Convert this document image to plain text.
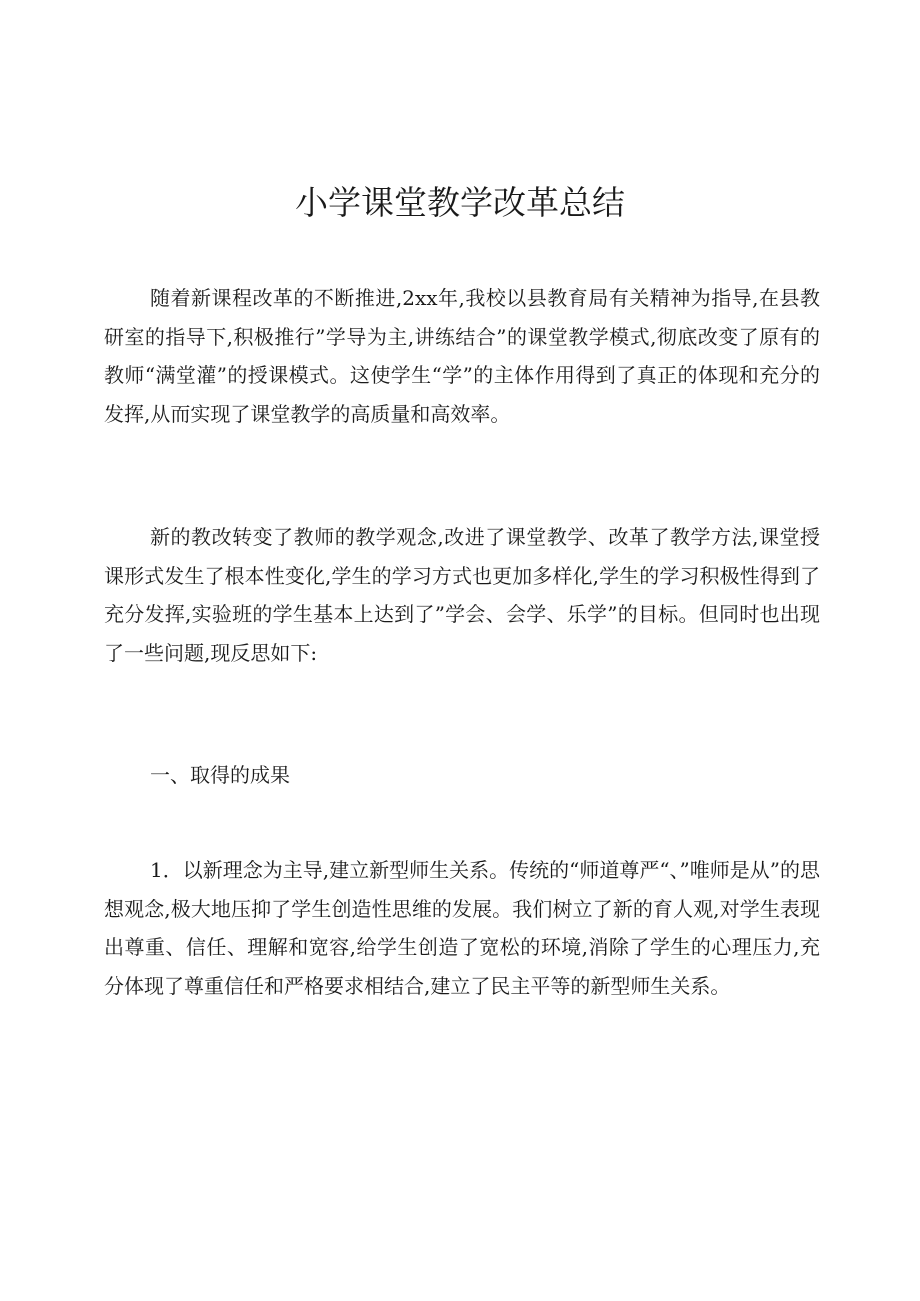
小学课堂教学改革总结

随着新课程改革的不断推进,2xx年,我校以县教育局有关精神为指导,在县教研室的指导下,积极推行”学导为主,讲练结合”的课堂教学模式,彻底改变了原有的教师“满堂灌”的授课模式。这使学生“学”的主体作用得到了真正的体现和充分的发挥,从而实现了课堂教学的高质量和高效率。

新的教改转变了教师的教学观念,改进了课堂教学、改革了教学方法,课堂授课形式发生了根本性变化,学生的学习方式也更加多样化,学生的学习积极性得到了充分发挥,实验班的学生基本上达到了”学会、会学、乐学”的目标。但同时也出现了一些问题,现反思如下:

一、取得的成果

1．以新理念为主导,建立新型师生关系。传统的“师道尊严“、”唯师是从”的思想观念,极大地压抑了学生创造性思维的发展。我们树立了新的育人观,对学生表现出尊重、信任、理解和宽容,给学生创造了宽松的环境,消除了学生的心理压力,充分体现了尊重信任和严格要求相结合,建立了民主平等的新型师生关系。
